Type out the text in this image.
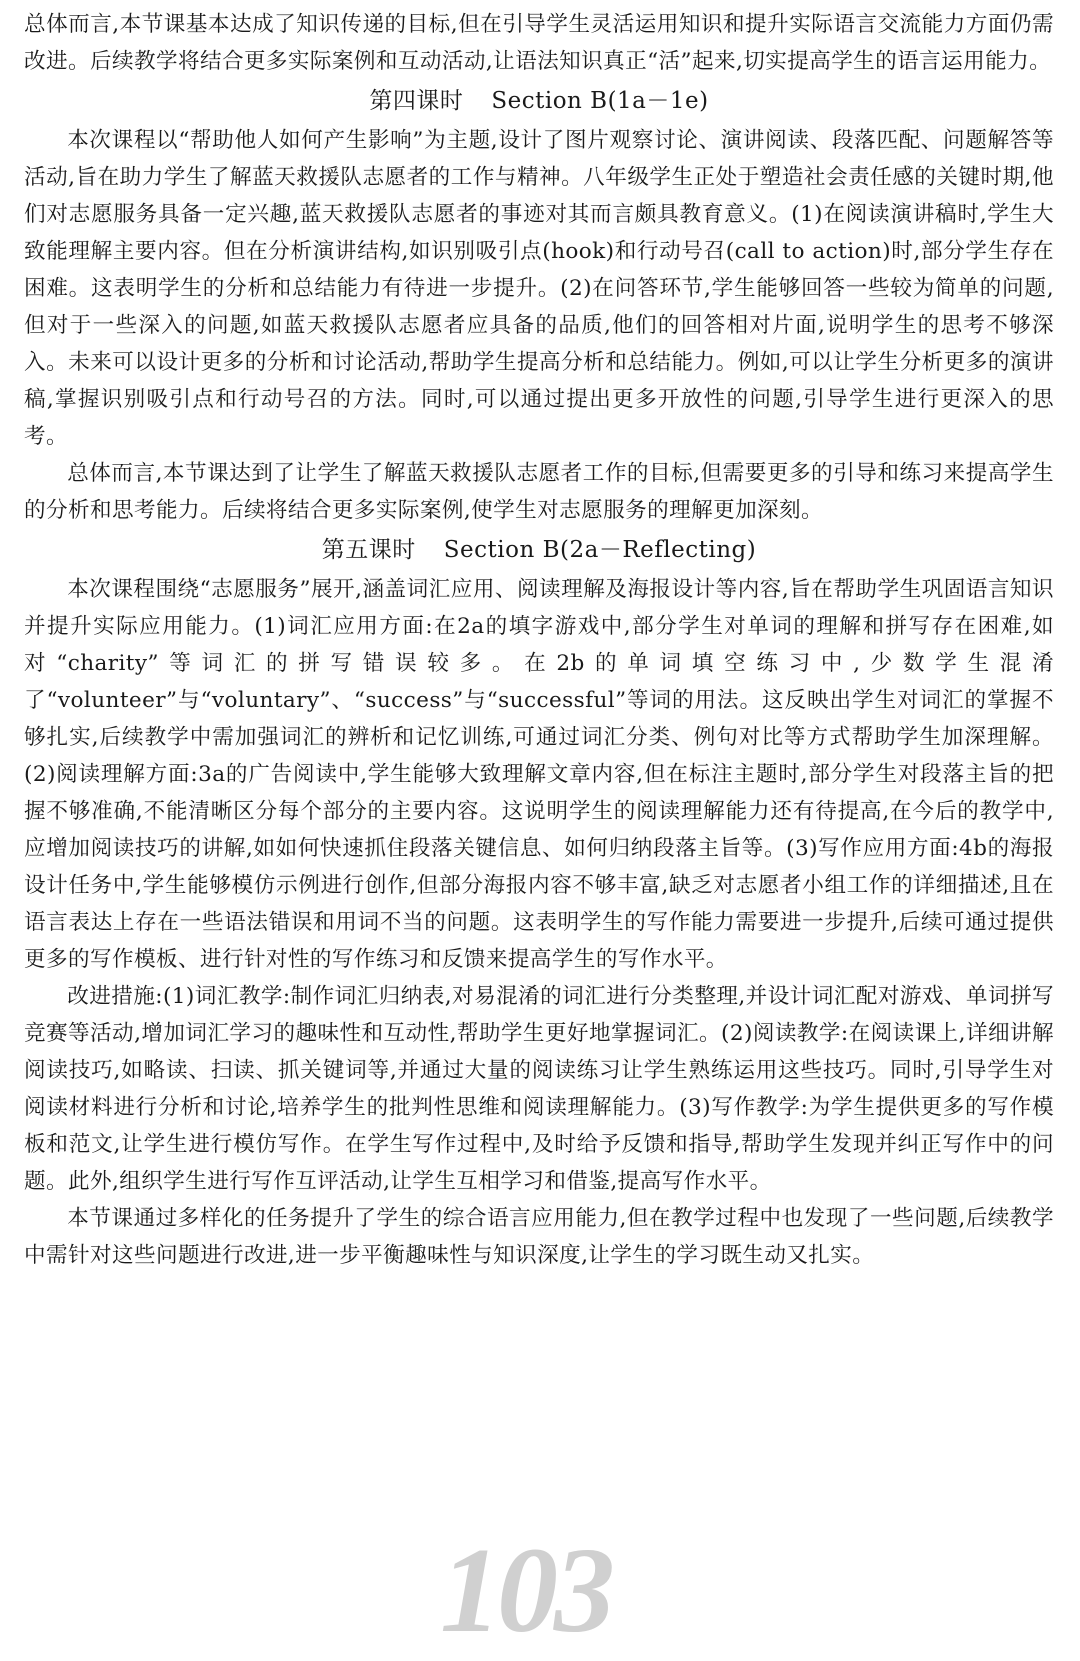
总体而言,本节课基本达成了知识传递的目标,但在引导学生灵活运用知识和提升实际语言交流能力方面仍需改进。后续教学将结合更多实际案例和互动活动,让语法知识真正“活”起来,切实提高学生的语言运用能力。

第四课时 Section B(1a－1e)

本次课程以“帮助他人如何产生影响”为主题,设计了图片观察讨论、演讲阅读、段落匹配、问题解答等活动,旨在助力学生了解蓝天救援队志愿者的工作与精神。八年级学生正处于塑造社会责任感的关键时期,他们对志愿服务具备一定兴趣,蓝天救援队志愿者的事迹对其而言颇具教育意义。(1)在阅读演讲稿时,学生大致能理解主要内容。但在分析演讲结构,如识别吸引点(hook)和行动号召(call to action)时,部分学生存在困难。这表明学生的分析和总结能力有待进一步提升。(2)在问答环节,学生能够回答一些较为简单的问题,但对于一些深入的问题,如蓝天救援队志愿者应具备的品质,他们的回答相对片面,说明学生的思考不够深入。未来可以设计更多的分析和讨论活动,帮助学生提高分析和总结能力。例如,可以让学生分析更多的演讲稿,掌握识别吸引点和行动号召的方法。同时,可以通过提出更多开放性的问题,引导学生进行更深入的思考。

总体而言,本节课达到了让学生了解蓝天救援队志愿者工作的目标,但需要更多的引导和练习来提高学生的分析和思考能力。后续将结合更多实际案例,使学生对志愿服务的理解更加深刻。

第五课时 Section B(2a－Reflecting)

本次课程围绕“志愿服务”展开,涵盖词汇应用、阅读理解及海报设计等内容,旨在帮助学生巩固语言知识并提升实际应用能力。(1)词汇应用方面:在2a的填字游戏中,部分学生对单词的理解和拼写存在困难,如对“charity”等词汇的拼写错误较多。在2b的单词填空练习中,少数学生混淆了“volunteer”与“voluntary”、“success”与“successful”等词的用法。这反映出学生对词汇的掌握不够扎实,后续教学中需加强词汇的辨析和记忆训练,可通过词汇分类、例句对比等方式帮助学生加深理解。(2)阅读理解方面:3a的广告阅读中,学生能够大致理解文章内容,但在标注主题时,部分学生对段落主旨的把握不够准确,不能清晰区分每个部分的主要内容。这说明学生的阅读理解能力还有待提高,在今后的教学中,应增加阅读技巧的讲解,如如何快速抓住段落关键信息、如何归纳段落主旨等。(3)写作应用方面:4b的海报设计任务中,学生能够模仿示例进行创作,但部分海报内容不够丰富,缺乏对志愿者小组工作的详细描述,且在语言表达上存在一些语法错误和用词不当的问题。这表明学生的写作能力需要进一步提升,后续可通过提供更多的写作模板、进行针对性的写作练习和反馈来提高学生的写作水平。

改进措施:(1)词汇教学:制作词汇归纳表,对易混淆的词汇进行分类整理,并设计词汇配对游戏、单词拼写竞赛等活动,增加词汇学习的趣味性和互动性,帮助学生更好地掌握词汇。(2)阅读教学:在阅读课上,详细讲解阅读技巧,如略读、扫读、抓关键词等,并通过大量的阅读练习让学生熟练运用这些技巧。同时,引导学生对阅读材料进行分析和讨论,培养学生的批判性思维和阅读理解能力。(3)写作教学:为学生提供更多的写作模板和范文,让学生进行模仿写作。在学生写作过程中,及时给予反馈和指导,帮助学生发现并纠正写作中的问题。此外,组织学生进行写作互评活动,让学生互相学习和借鉴,提高写作水平。

本节课通过多样化的任务提升了学生的综合语言应用能力,但在教学过程中也发现了一些问题,后续教学中需针对这些问题进行改进,进一步平衡趣味性与知识深度,让学生的学习既生动又扎实。

103
